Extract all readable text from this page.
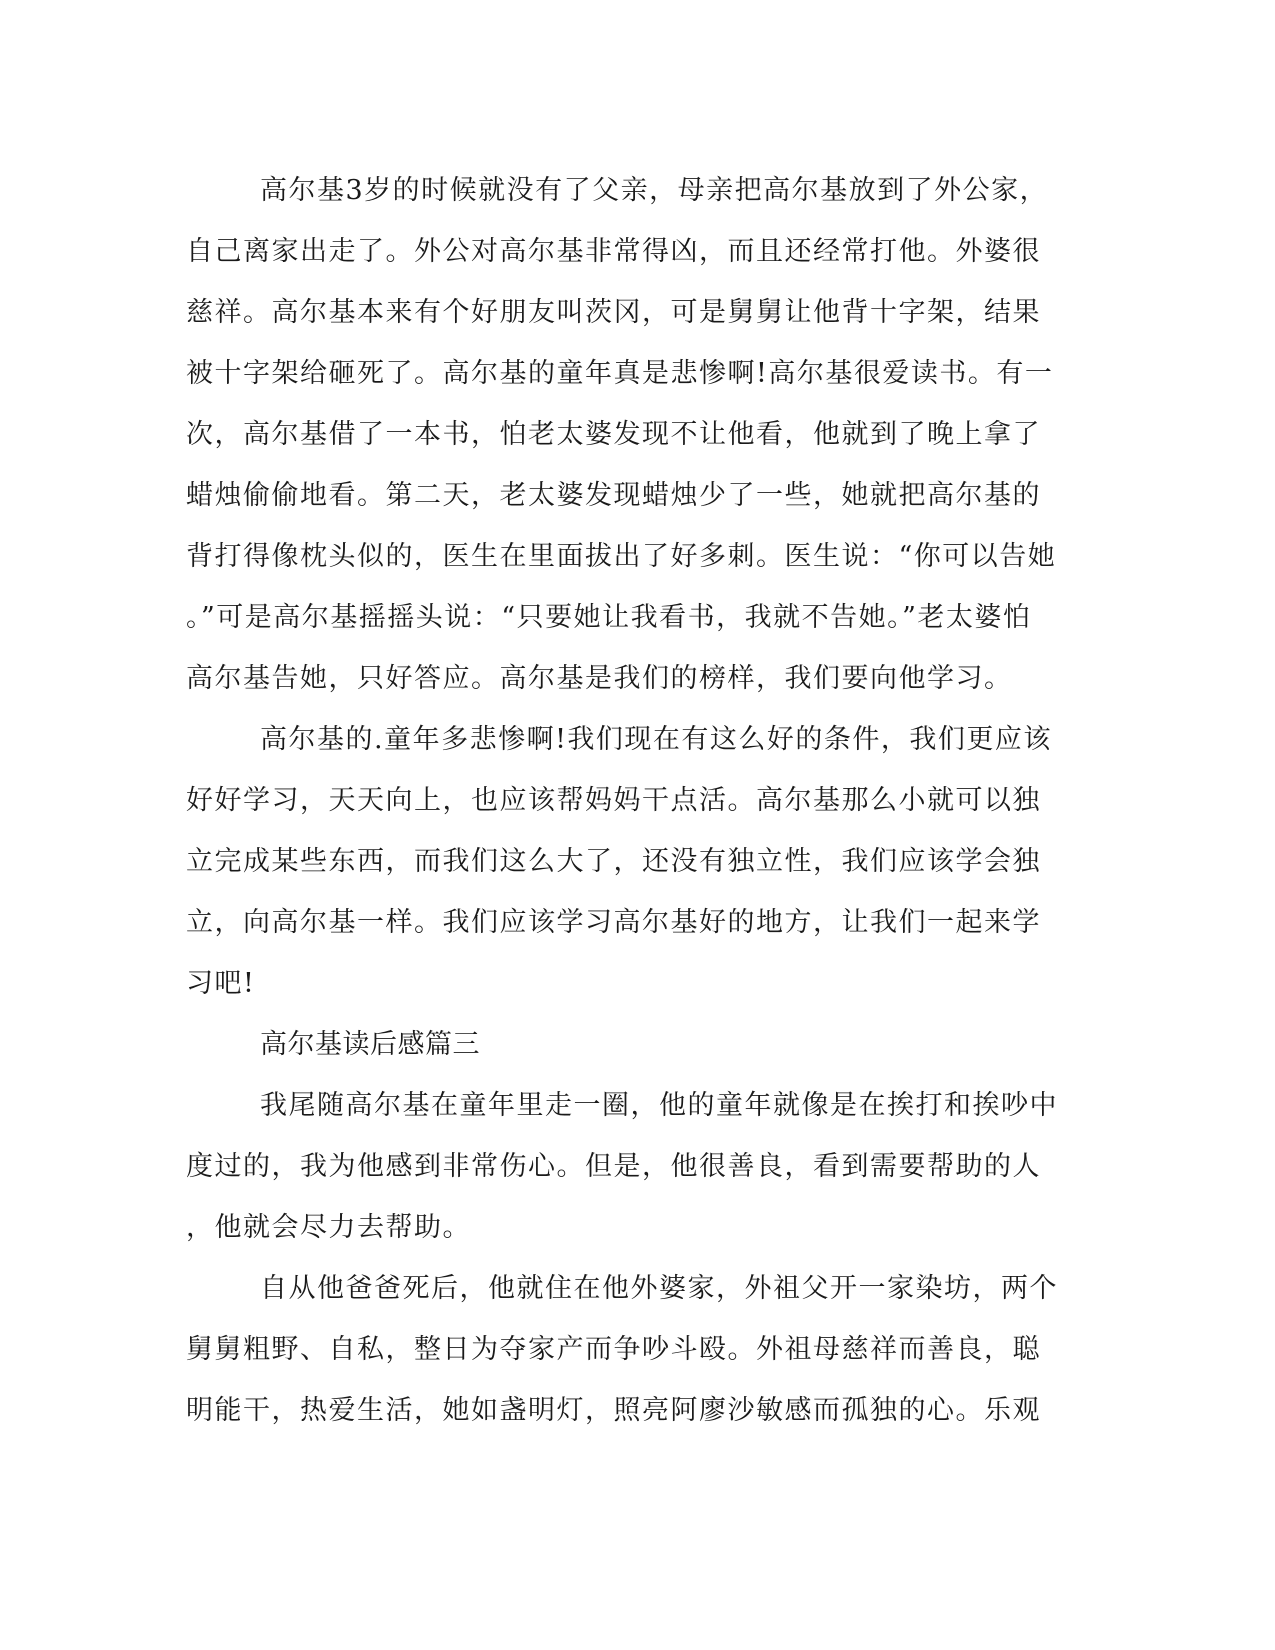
高尔基3岁的时候就没有了父亲，母亲把高尔基放到了外公家，
自己离家出走了。外公对高尔基非常得凶，而且还经常打他。外婆很
慈祥。高尔基本来有个好朋友叫茨冈，可是舅舅让他背十字架，结果
被十字架给砸死了。高尔基的童年真是悲惨啊!高尔基很爱读书。有一
次，高尔基借了一本书，怕老太婆发现不让他看，他就到了晚上拿了
蜡烛偷偷地看。第二天，老太婆发现蜡烛少了一些，她就把高尔基的
背打得像枕头似的，医生在里面拔出了好多刺。医生说：“你可以告她
。”可是高尔基摇摇头说：“只要她让我看书，我就不告她。”老太婆怕
高尔基告她，只好答应。高尔基是我们的榜样，我们要向他学习。
高尔基的.童年多悲惨啊!我们现在有这么好的条件，我们更应该
好好学习，天天向上，也应该帮妈妈干点活。高尔基那么小就可以独
立完成某些东西，而我们这么大了，还没有独立性，我们应该学会独
立，向高尔基一样。我们应该学习高尔基好的地方，让我们一起来学
习吧!
高尔基读后感篇三
我尾随高尔基在童年里走一圈，他的童年就像是在挨打和挨吵中
度过的，我为他感到非常伤心。但是，他很善良，看到需要帮助的人
，他就会尽力去帮助。
自从他爸爸死后，他就住在他外婆家，外祖父开一家染坊，两个
舅舅粗野、自私，整日为夺家产而争吵斗殴。外祖母慈祥而善良，聪
明能干，热爱生活，她如盏明灯，照亮阿廖沙敏感而孤独的心。乐观
